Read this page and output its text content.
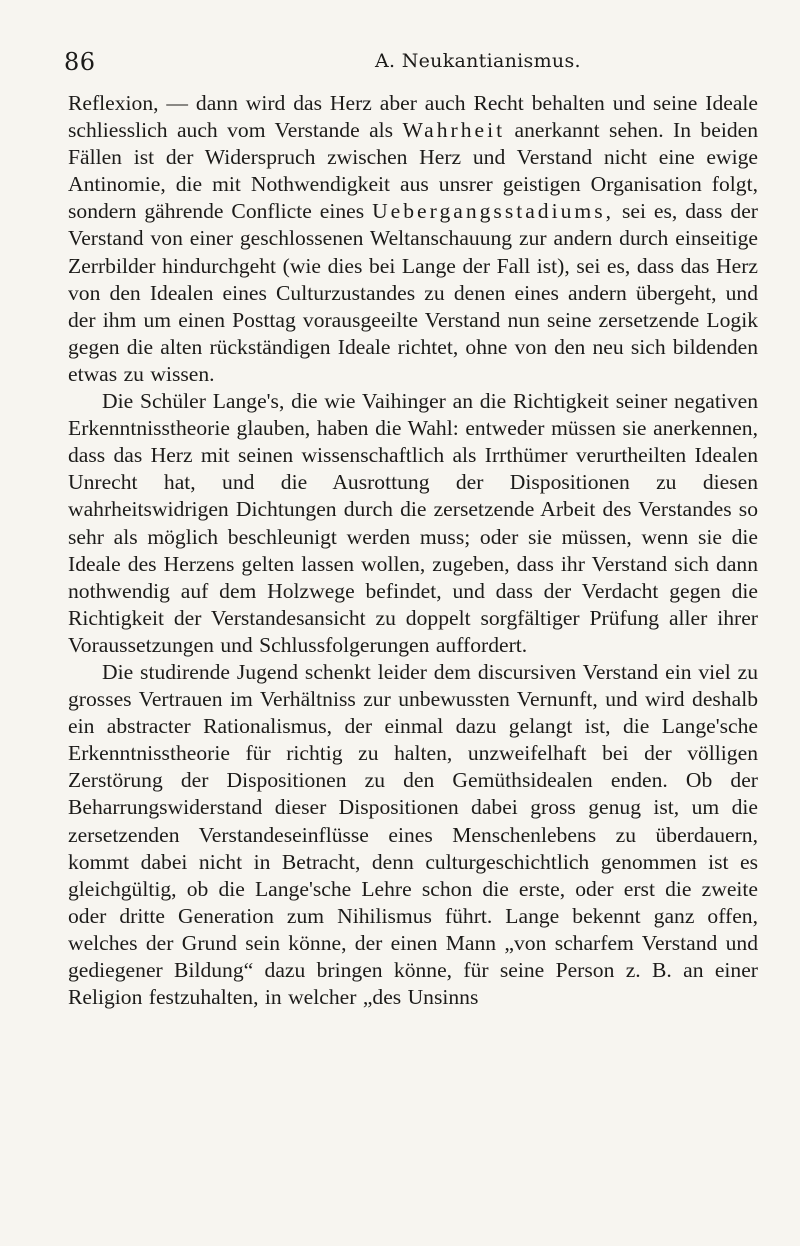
86	A. Neukantianismus.

Reflexion, — dann wird das Herz aber auch Recht behalten und seine Ideale schliesslich auch vom Verstande als Wahrheit anerkannt sehen. In beiden Fällen ist der Widerspruch zwischen Herz und Verstand nicht eine ewige Antinomie, die mit Nothwendigkeit aus unsrer geistigen Organisation folgt, sondern gährende Conflicte eines Uebergangsstadiums, sei es, dass der Verstand von einer geschlossenen Weltanschauung zur andern durch einseitige Zerrbilder hindurchgeht (wie dies bei Lange der Fall ist), sei es, dass das Herz von den Idealen eines Culturzustandes zu denen eines andern übergeht, und der ihm um einen Posttag vorausgeeilte Verstand nun seine zersetzende Logik gegen die alten rückständigen Ideale richtet, ohne von den neu sich bildenden etwas zu wissen.

Die Schüler Lange's, die wie Vaihinger an die Richtigkeit seiner negativen Erkenntnisstheorie glauben, haben die Wahl: entweder müssen sie anerkennen, dass das Herz mit seinen wissenschaftlich als Irrthümer verurtheilten Idealen Unrecht hat, und die Ausrottung der Dispositionen zu diesen wahrheitswidrigen Dichtungen durch die zersetzende Arbeit des Verstandes so sehr als möglich beschleunigt werden muss; oder sie müssen, wenn sie die Ideale des Herzens gelten lassen wollen, zugeben, dass ihr Verstand sich dann nothwendig auf dem Holzwege befindet, und dass der Verdacht gegen die Richtigkeit der Verstandesansicht zu doppelt sorgfältiger Prüfung aller ihrer Voraussetzungen und Schlussfolgerungen auffordert.

Die studirende Jugend schenkt leider dem discursiven Verstand ein viel zu grosses Vertrauen im Verhältniss zur unbewussten Vernunft, und wird deshalb ein abstracter Rationalismus, der einmal dazu gelangt ist, die Lange'sche Erkenntnisstheorie für richtig zu halten, unzweifelhaft bei der völligen Zerstörung der Dispositionen zu den Gemüthsidealen enden. Ob der Beharrungswiderstand dieser Dispositionen dabei gross genug ist, um die zersetzenden Verstandeseinflüsse eines Menschenlebens zu überdauern, kommt dabei nicht in Betracht, denn culturgeschichtlich genommen ist es gleichgültig, ob die Lange'sche Lehre schon die erste, oder erst die zweite oder dritte Generation zum Nihilismus führt. Lange bekennt ganz offen, welches der Grund sein könne, der einen Mann „von scharfem Verstand und gediegener Bildung“ dazu bringen könne, für seine Person z. B. an einer Religion festzuhalten, in welcher „des Unsinns
